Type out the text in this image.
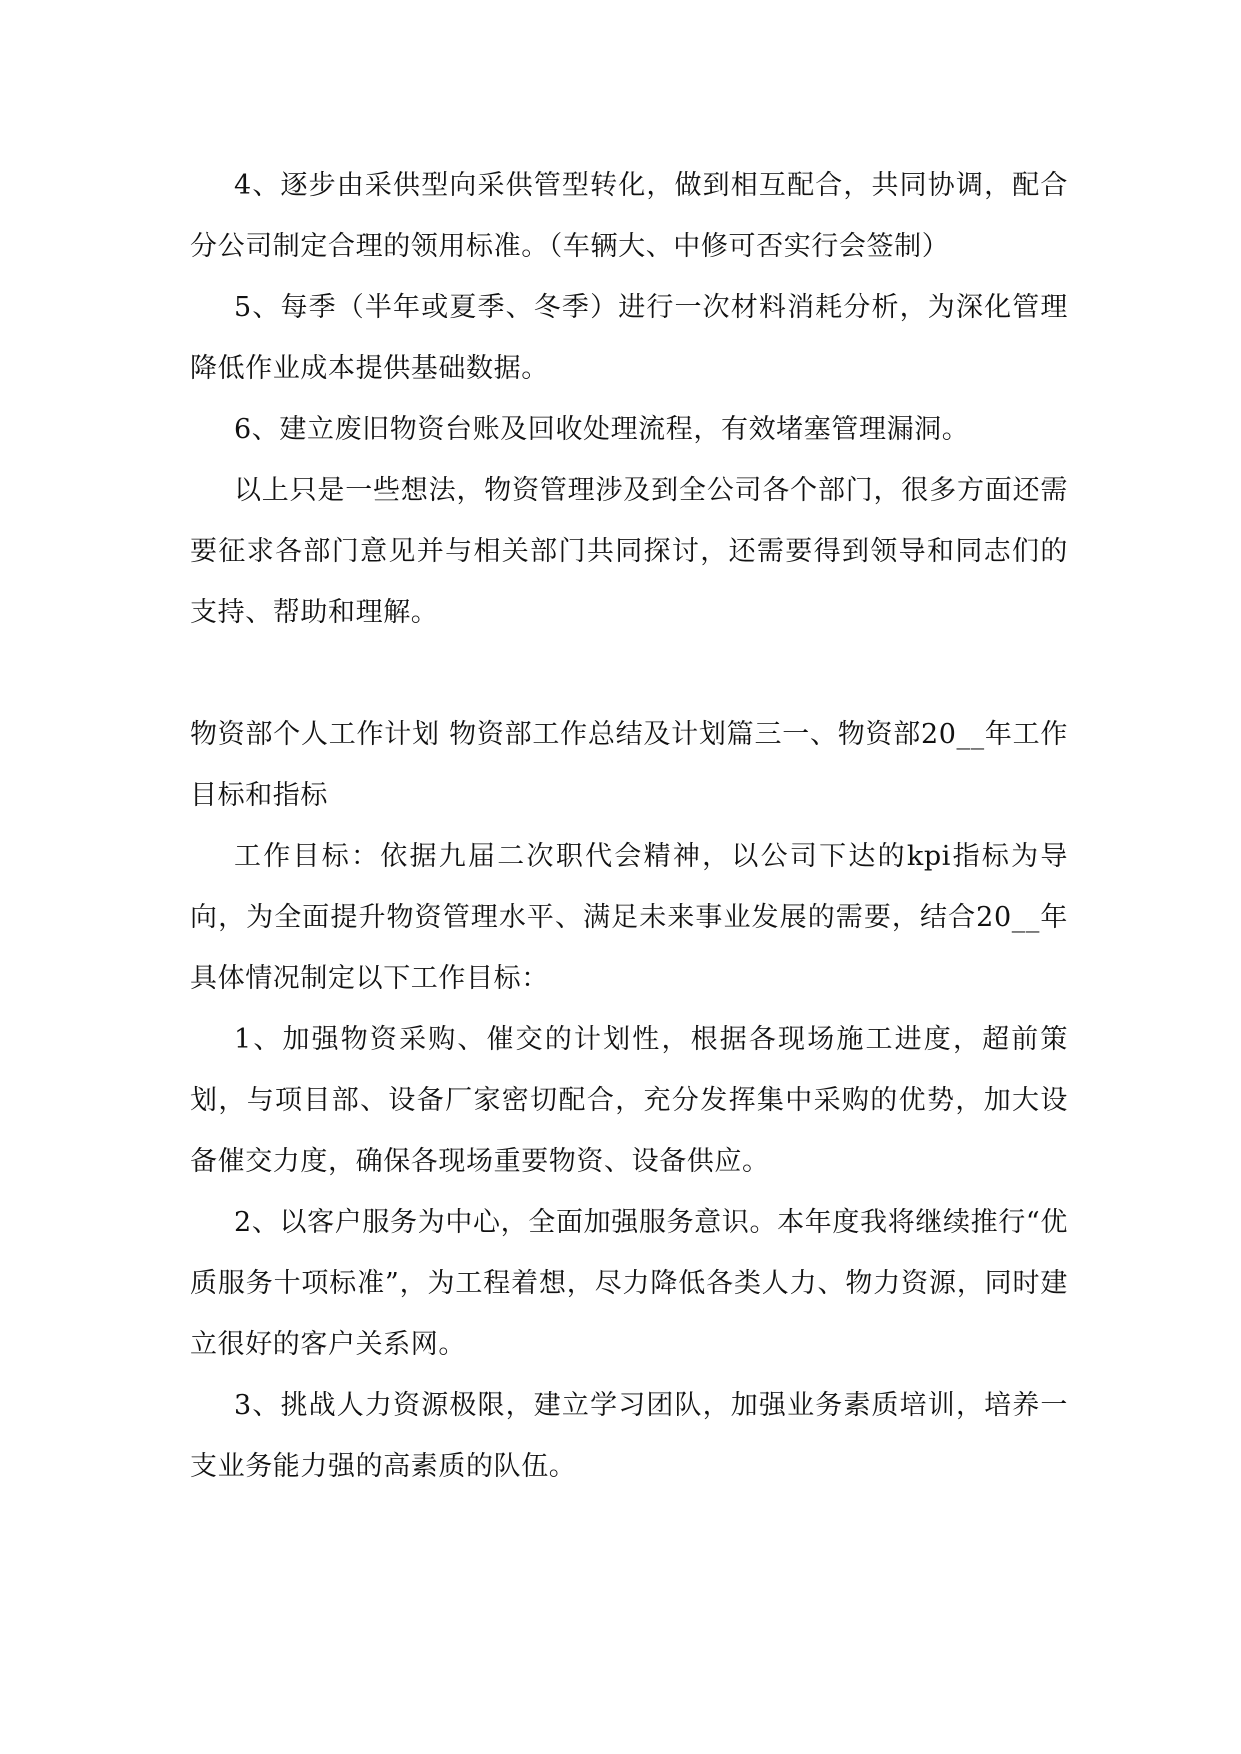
4、逐步由采供型向采供管型转化，做到相互配合，共同协调，配合分公司制定合理的领用标准。（车辆大、中修可否实行会签制）

5、每季（半年或夏季、冬季）进行一次材料消耗分析，为深化管理降低作业成本提供基础数据。

6、建立废旧物资台账及回收处理流程，有效堵塞管理漏洞。

以上只是一些想法，物资管理涉及到全公司各个部门，很多方面还需要征求各部门意见并与相关部门共同探讨，还需要得到领导和同志们的支持、帮助和理解。

物资部个人工作计划 物资部工作总结及计划篇三一、物资部20__年工作目标和指标

工作目标：依据九届二次职代会精神，以公司下达的kpi指标为导向，为全面提升物资管理水平、满足未来事业发展的需要，结合20__年具体情况制定以下工作目标：

1、加强物资采购、催交的计划性，根据各现场施工进度，超前策划，与项目部、设备厂家密切配合，充分发挥集中采购的优势，加大设备催交力度，确保各现场重要物资、设备供应。

2、以客户服务为中心，全面加强服务意识。本年度我将继续推行“优质服务十项标准”，为工程着想，尽力降低各类人力、物力资源，同时建立很好的客户关系网。

3、挑战人力资源极限，建立学习团队，加强业务素质培训，培养一支业务能力强的高素质的队伍。
